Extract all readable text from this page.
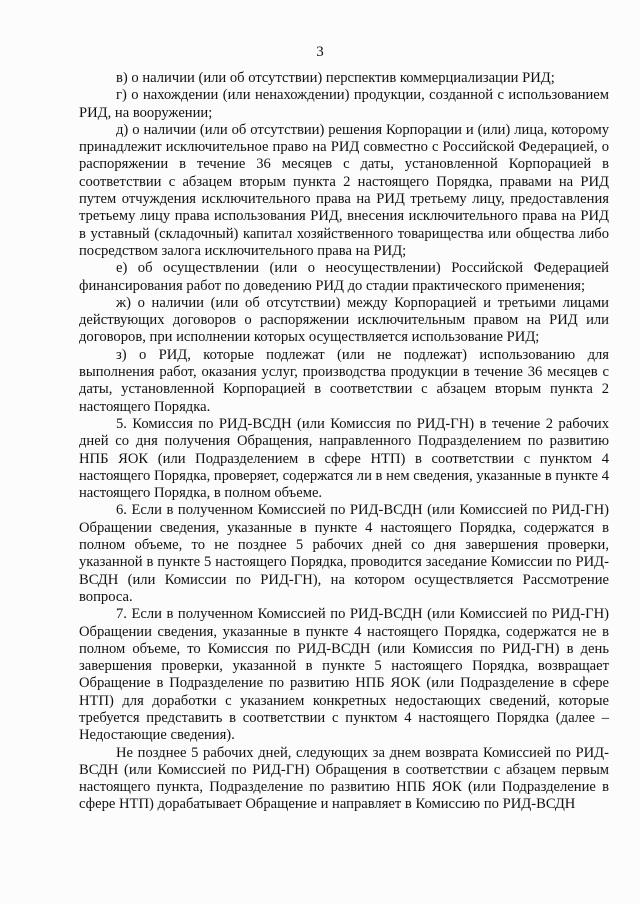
3

в) о наличии (или об отсутствии) перспектив коммерциализации РИД;

г) о нахождении (или ненахождении) продукции, созданной с использованием РИД, на вооружении;

д) о наличии (или об отсутствии) решения Корпорации и (или) лица, которому принадлежит исключительное право на РИД совместно с Российской Федерацией, о распоряжении в течение 36 месяцев с даты, установленной Корпорацией в соответствии с абзацем вторым пункта 2 настоящего Порядка, правами на РИД путем отчуждения исключительного права на РИД третьему лицу, предоставления третьему лицу права использования РИД, внесения исключительного права на РИД в уставный (складочный) капитал хозяйственного товарищества или общества либо посредством залога исключительного права на РИД;

е) об осуществлении (или о неосуществлении) Российской Федерацией финансирования работ по доведению РИД до стадии практического применения;

ж) о наличии (или об отсутствии) между Корпорацией и третьими лицами действующих договоров о распоряжении исключительным правом на РИД или договоров, при исполнении которых осуществляется использование РИД;

з) о РИД, которые подлежат (или не подлежат) использованию для выполнения работ, оказания услуг, производства продукции в течение 36 месяцев с даты, установленной Корпорацией в соответствии с абзацем вторым пункта 2 настоящего Порядка.

5. Комиссия по РИД-ВСДН (или Комиссия по РИД-ГН) в течение 2 рабочих дней со дня получения Обращения, направленного Подразделением по развитию НПБ ЯОК (или Подразделением в сфере НТП) в соответствии с пунктом 4 настоящего Порядка, проверяет, содержатся ли в нем сведения, указанные в пункте 4 настоящего Порядка, в полном объеме.

6. Если в полученном Комиссией по РИД-ВСДН (или Комиссией по РИД-ГН) Обращении сведения, указанные в пункте 4 настоящего Порядка, содержатся в полном объеме, то не позднее 5 рабочих дней со дня завершения проверки, указанной в пункте 5 настоящего Порядка, проводится заседание Комиссии по РИД-ВСДН (или Комиссии по РИД-ГН), на котором осуществляется Рассмотрение вопроса.

7. Если в полученном Комиссией по РИД-ВСДН (или Комиссией по РИД-ГН) Обращении сведения, указанные в пункте 4 настоящего Порядка, содержатся не в полном объеме, то Комиссия по РИД-ВСДН (или Комиссия по РИД-ГН) в день завершения проверки, указанной в пункте 5 настоящего Порядка, возвращает Обращение в Подразделение по развитию НПБ ЯОК (или Подразделение в сфере НТП) для доработки с указанием конкретных недостающих сведений, которые требуется представить в соответствии с пунктом 4 настоящего Порядка (далее – Недостающие сведения).

Не позднее 5 рабочих дней, следующих за днем возврата Комиссией по РИД-ВСДН (или Комиссией по РИД-ГН) Обращения в соответствии с абзацем первым настоящего пункта, Подразделение по развитию НПБ ЯОК (или Подразделение в сфере НТП) дорабатывает Обращение и направляет в Комиссию по РИД-ВСДН
